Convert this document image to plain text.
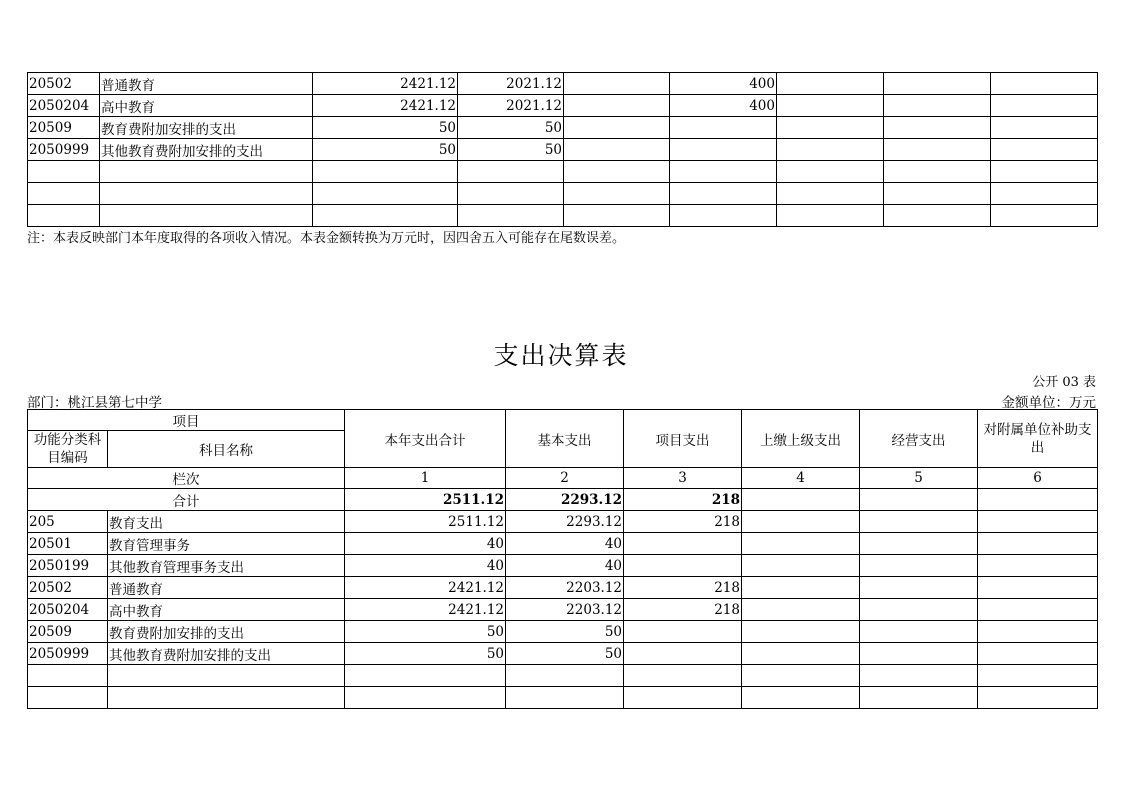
20502	普通教育	2421.12	2021.12		400			
2050204	高中教育	2421.12	2021.12		400			
20509	教育费附加安排的支出	50	50					
2050999	其他教育费附加安排的支出	50	50					

注：本表反映部门本年度取得的各项收入情况。本表金额转换为万元时，因四舍五入可能存在尾数误差。
支出决算表
公开 03 表
部门：桃江县第七中学	金额单位：万元
项目		本年支出合计	基本支出	项目支出	上缴上级支出	经营支出	对附属单位补助支出
功能分类科目编码	科目名称						
栏次		1	2	3	4	5	6
合计		2511.12	2293.12	218			
205	教育支出	2511.12	2293.12	218			
20501	教育管理事务	40	40				
2050199	其他教育管理事务支出	40	40				
20502	普通教育	2421.12	2203.12	218			
2050204	高中教育	2421.12	2203.12	218			
20509	教育费附加安排的支出	50	50				
2050999	其他教育费附加安排的支出	50	50				
